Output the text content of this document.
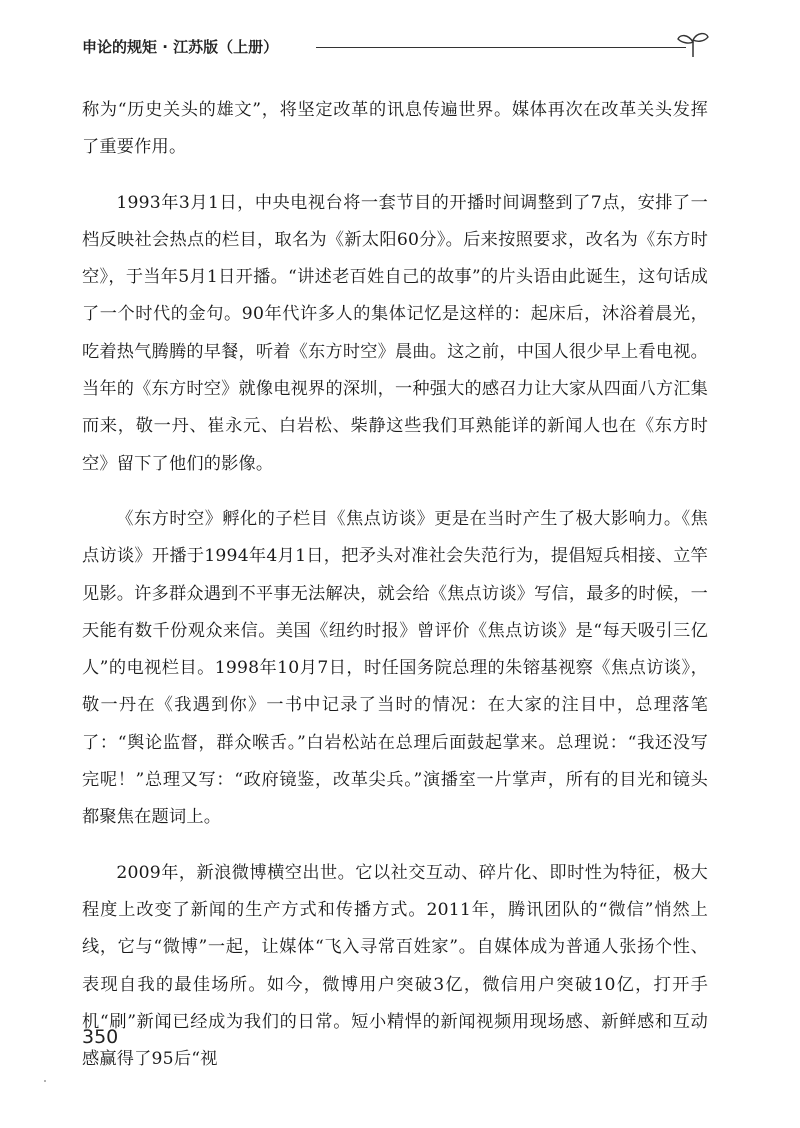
申论的规矩 · 江苏版（上册）

称为“历史关头的雄文”，将坚定改革的讯息传遍世界。媒体再次在改革关头发挥了重要作用。

1993年3月1日，中央电视台将一套节目的开播时间调整到了7点，安排了一档反映社会热点的栏目，取名为《新太阳60分》。后来按照要求，改名为《东方时空》，于当年5月1日开播。“讲述老百姓自己的故事”的片头语由此诞生，这句话成了一个时代的金句。90年代许多人的集体记忆是这样的：起床后，沐浴着晨光，吃着热气腾腾的早餐，听着《东方时空》晨曲。这之前，中国人很少早上看电视。当年的《东方时空》就像电视界的深圳，一种强大的感召力让大家从四面八方汇集而来，敬一丹、崔永元、白岩松、柴静这些我们耳熟能详的新闻人也在《东方时空》留下了他们的影像。

《东方时空》孵化的子栏目《焦点访谈》更是在当时产生了极大影响力。《焦点访谈》开播于1994年4月1日，把矛头对准社会失范行为，提倡短兵相接、立竿见影。许多群众遇到不平事无法解决，就会给《焦点访谈》写信，最多的时候，一天能有数千份观众来信。美国《纽约时报》曾评价《焦点访谈》是“每天吸引三亿人”的电视栏目。1998年10月7日，时任国务院总理的朱镕基视察《焦点访谈》，敬一丹在《我遇到你》一书中记录了当时的情况：在大家的注目中，总理落笔了：“舆论监督，群众喉舌。”白岩松站在总理后面鼓起掌来。总理说：“我还没写完呢！”总理又写：“政府镜鉴，改革尖兵。”演播室一片掌声，所有的目光和镜头都聚焦在题词上。

2009年，新浪微博横空出世。它以社交互动、碎片化、即时性为特征，极大程度上改变了新闻的生产方式和传播方式。2011年，腾讯团队的“微信”悄然上线，它与“微博”一起，让媒体“飞入寻常百姓家”。自媒体成为普通人张扬个性、表现自我的最佳场所。如今，微博用户突破3亿，微信用户突破10亿，打开手机“刷”新闻已经成为我们的日常。短小精悍的新闻视频用现场感、新鲜感和互动感赢得了95后“视

350
